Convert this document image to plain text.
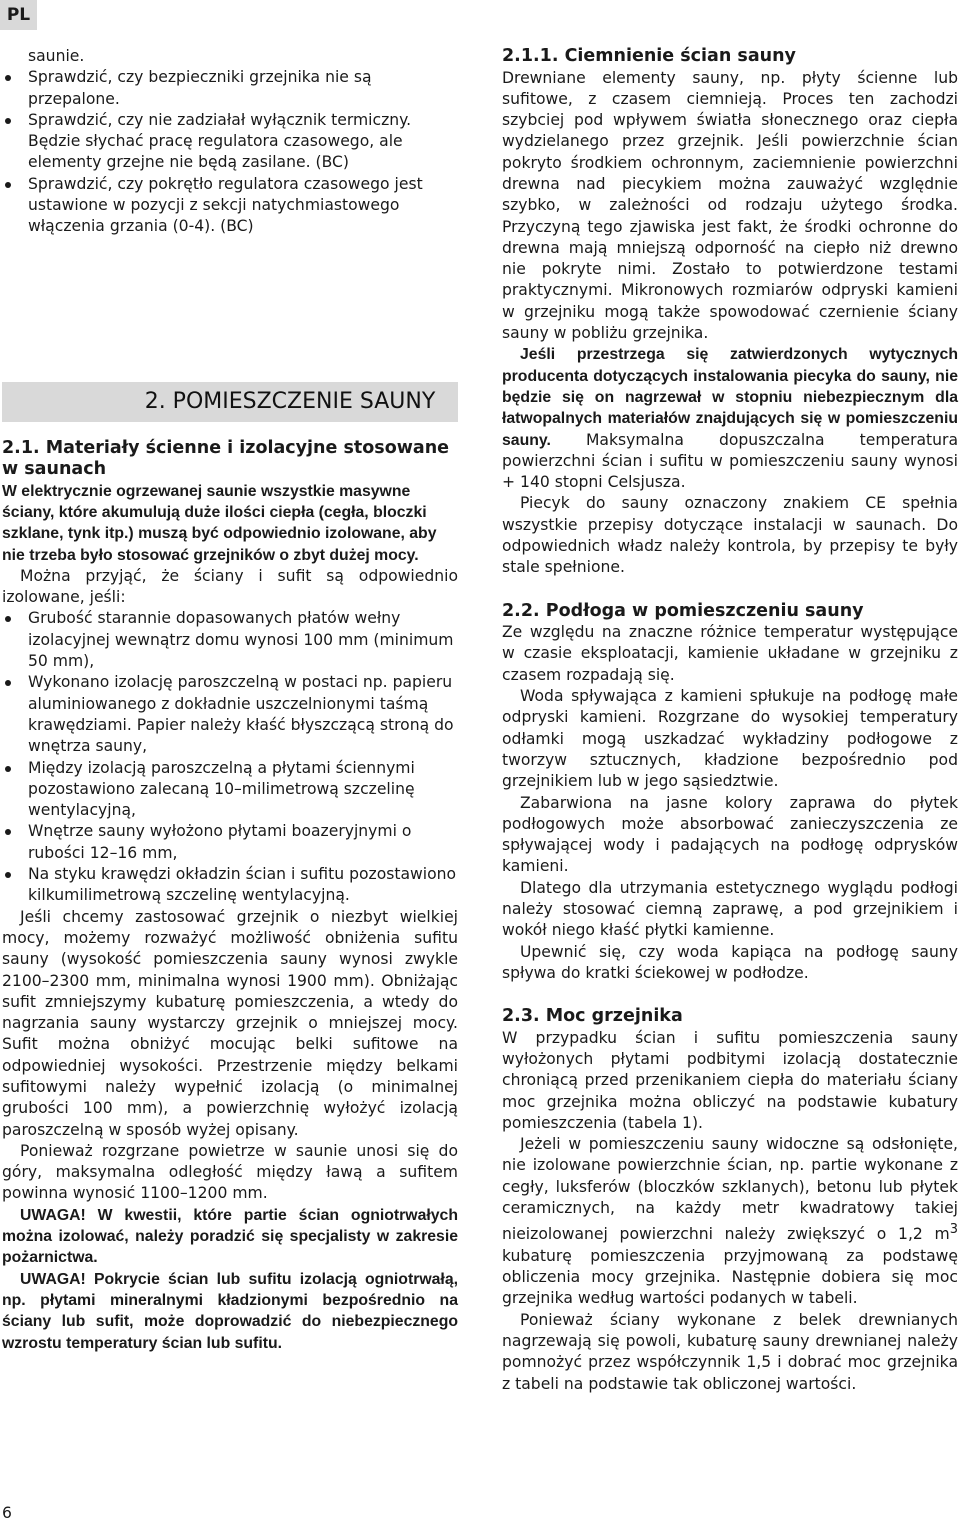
PL

saunie.

Sprawdzić, czy bezpieczniki grzejnika nie są przepalone.
Sprawdzić, czy nie zadziałał wyłącznik termiczny. Będzie słychać pracę regulatora czasowego, ale elementy grzejne nie będą zasilane. (BC)
Sprawdzić, czy pokrętło regulatora czasowego jest ustawione w pozycji z sekcji natychmiastowego włączenia grzania (0-4). (BC)
2. POMIESZCZENIE SAUNY
2.1. Materiały ścienne i izolacyjne stosowane w saunach

W elektrycznie ogrzewanej saunie wszystkie masywne ściany, które akumulują duże ilości ciepła (cegła, bloczki szklane, tynk itp.) muszą być odpowiednio izolowane, aby nie trzeba było stosować grzejników o zbyt dużej mocy.

Można przyjąć, że ściany i sufit są odpowiednio izolowane, jeśli:

Grubość starannie dopasowanych płatów wełny izolacyjnej wewnątrz domu wynosi 100 mm (minimum 50 mm),
Wykonano izolację paroszczelną w postaci np. papieru aluminiowanego z dokładnie uszczelnionymi taśmą krawędziami. Papier należy kłaść błyszczącą stroną do wnętrza sauny,
Między izolacją paroszczelną a płytami ściennymi pozostawiono zalecaną 10–milimetrową szczelinę wentylacyjną,
Wnętrze sauny wyłożono płytami boazeryjnymi o rubości 12–16 mm,
Na styku krawędzi okładzin ścian i sufitu pozostawiono kilkumilimetrową szczelinę wentylacyjną.

Jeśli chcemy zastosować grzejnik o niezbyt wielkiej mocy, możemy rozważyć możliwość obniżenia sufitu sauny (wysokość pomieszczenia sauny wynosi zwykle 2100–2300 mm, minimalna wynosi 1900 mm). Obniżając sufit zmniejszymy kubaturę pomieszczenia, a wtedy do nagrzania sauny wystarczy grzejnik o mniejszej mocy. Sufit można obniżyć mocując belki sufitowe na odpowiedniej wysokości. Przestrzenie między belkami sufitowymi należy wypełnić izolacją (o minimalnej grubości 100 mm), a powierzchnię wyłożyć izolacją paroszczelną w sposób wyżej opisany.

Ponieważ rozgrzane powietrze w saunie unosi się do góry, maksymalna odległość między ławą a sufitem powinna wynosić 1100–1200 mm.

UWAGA! W kwestii, które partie ścian ogniotrwałych można izolować, należy poradzić się specjalisty w zakresie pożarnictwa.

UWAGA! Pokrycie ścian lub sufitu izolacją ogniotrwałą, np. płytami mineralnymi kładzionymi bezpośrednio na ściany lub sufit, może doprowadzić do niebezpiecznego wzrostu temperatury ścian lub sufitu.

2.1.1. Ciemnienie ścian sauny

Drewniane elementy sauny, np. płyty ścienne lub sufitowe, z czasem ciemnieją. Proces ten zachodzi szybciej pod wpływem światła słonecznego oraz ciepła wydzielanego przez grzejnik. Jeśli powierzchnie ścian pokryto środkiem ochronnym, zaciemnienie powierzchni drewna nad piecykiem można zauważyć względnie szybko, w zależności od rodzaju użytego środka. Przyczyną tego zjawiska jest fakt, że środki ochronne do drewna mają mniejszą odporność na ciepło niż drewno nie pokryte nimi. Zostało to potwierdzone testami praktycznymi. Mikronowych rozmiarów odpryski kamieni w grzejniku mogą także spowodować czernienie ściany sauny w pobliżu grzejnika.

Jeśli przestrzega się zatwierdzonych wytycznych producenta dotyczących instalowania piecyka do sauny, nie będzie się on nagrzewał w stopniu niebezpiecznym dla łatwopalnych materiałów znajdujących się w pomieszczeniu sauny. Maksymalna dopuszczalna temperatura powierzchni ścian i sufitu w pomieszczeniu sauny wynosi + 140 stopni Celsjusza.

Piecyk do sauny oznaczony znakiem CE spełnia wszystkie przepisy dotyczące instalacji w saunach. Do odpowiednich władz należy kontrola, by przepisy te były stale spełnione.

2.2. Podłoga w pomieszczeniu sauny

Ze względu na znaczne różnice temperatur występujące w czasie eksploatacji, kamienie układane w grzejniku z czasem rozpadają się.

Woda spływająca z kamieni spłukuje na podłogę małe odpryski kamieni. Rozgrzane do wysokiej temperatury odłamki mogą uszkadzać wykładziny podłogowe z tworzyw sztucznych, kładzione bezpośrednio pod grzejnikiem lub w jego sąsiedztwie.

Zabarwiona na jasne kolory zaprawa do płytek podłogowych może absorbować zanieczyszczenia ze spływającej wody i padających na podłogę odprysków kamieni.

Dlatego dla utrzymania estetycznego wyglądu podłogi należy stosować ciemną zaprawę, a pod grzejnikiem i wokół niego kłaść płytki kamienne.

Upewnić się, czy woda kapiąca na podłogę sauny spływa do kratki ściekowej w podłodze.

2.3. Moc grzejnika

W przypadku ścian i sufitu pomieszczenia sauny wyłożonych płytami podbitymi izolacją dostatecznie chroniącą przed przenikaniem ciepła do materiału ściany moc grzejnika można obliczyć na podstawie kubatury pomieszczenia (tabela 1).

Jeżeli w pomieszczeniu sauny widoczne są odsłonięte, nie izolowane powierzchnie ścian, np. partie wykonane z cegły, luksferów (bloczków szklanych), betonu lub płytek ceramicznych, na każdy metr kwadratowy takiej nieizolowanej powierzchni należy zwiększyć o 1,2 $m^3$ kubaturę pomieszczenia przyjmowaną za podstawę obliczenia mocy grzejnika. Następnie dobiera się moc grzejnika według wartości podanych w tabeli.

Ponieważ ściany wykonane z belek drewnianych nagrzewają się powoli, kubaturę sauny drewnianej należy pomnożyć przez współczynnik 1,5 i dobrać moc grzejnika z tabeli na podstawie tak obliczonej wartości.

6
